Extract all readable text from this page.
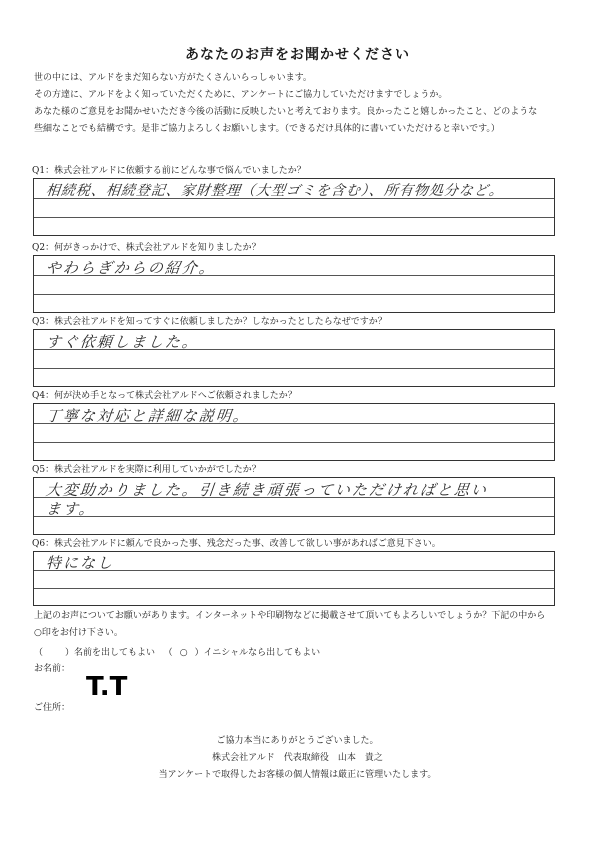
あなたのお声をお聞かせください
世の中には、アルドをまだ知らない方がたくさんいらっしゃいます。
その方達に、アルドをよく知っていただくために、アンケートにご協力していただけますでしょうか。
あなた様のご意見をお聞かせいただき今後の活動に反映したいと考えております。良かったこと嬉しかったこと、どのような
些細なことでも結構です。是非ご協力よろしくお願いします。（できるだけ具体的に書いていただけると幸いです。）
Q1：株式会社アルドに依頼する前にどんな事で悩んでいましたか？
相続税、相続登記、家財整理（大型ゴミを含む）、所有物処分など。
Q2：何がきっかけで、株式会社アルドを知りましたか？
やわらぎからの紹介。
Q3：株式会社アルドを知ってすぐに依頼しましたか？しなかったとしたらなぜですか？
すぐ依頼しました。
Q4：何が決め手となって株式会社アルドへご依頼されましたか？
丁寧な対応と詳細な説明。
Q5：株式会社アルドを実際に利用していかがでしたか？
大変助かりました。引き続き頑張っていただければと思い
ます。
Q6：株式会社アルドに頼んで良かった事、残念だった事、改善して欲しい事があればご意見下さい。
特になし
上記のお声についてお願いがあります。インターネットや印刷物などに掲載させて頂いてもよろしいでしょうか？下記の中から
○印をお付け下さい。
（ ）名前を出してもよい   （ ○ ）イニシャルなら出してもよい
お名前：
T.T
ご住所：
ご協力本当にありがとうございました。
株式会社アルド　代表取締役　山本　貴之
当アンケートで取得したお客様の個人情報は厳正に管理いたします。
